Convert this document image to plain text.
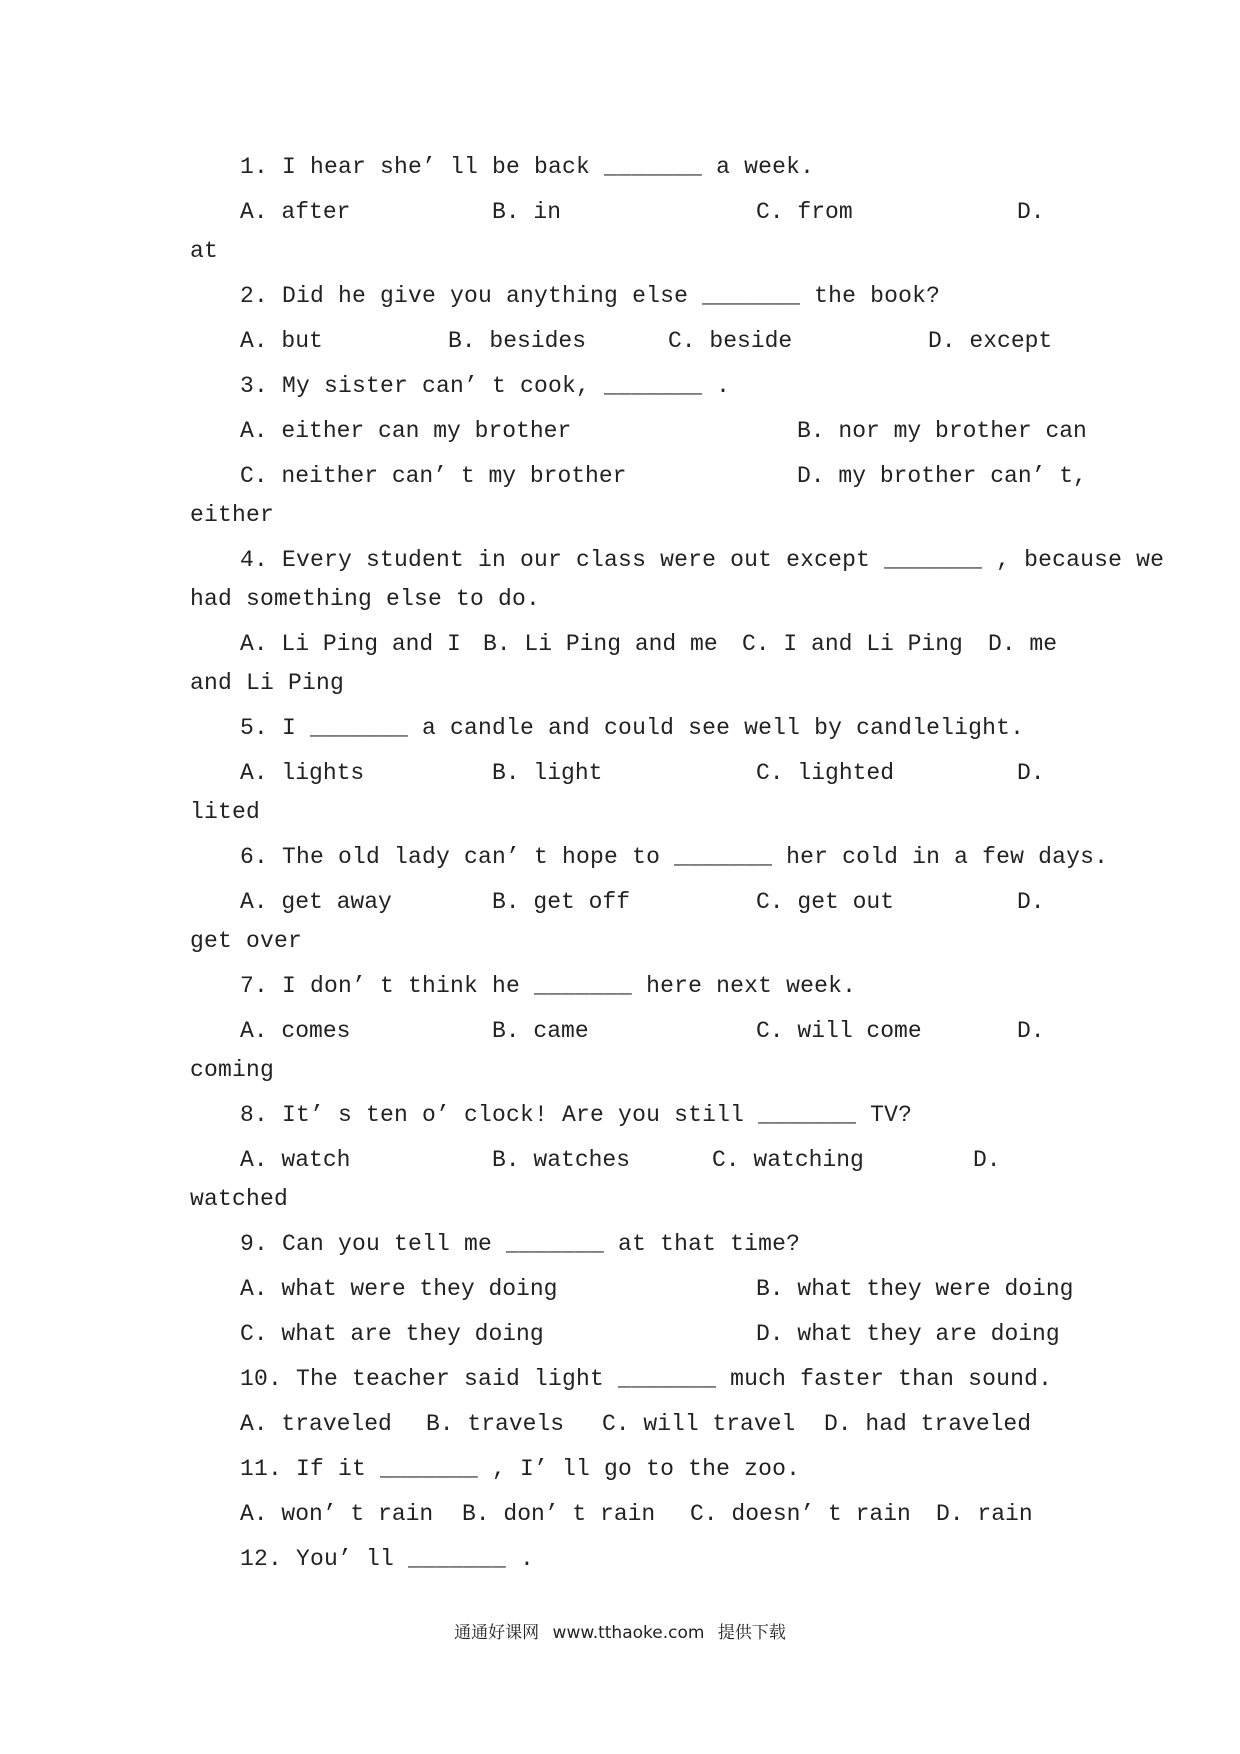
1. I hear she’ ll be back _______ a week.
A. after	B. in	C. from	D.
at
2. Did he give you anything else _______ the book?
A. but	B. besides	C. beside	D. except
3. My sister can’ t cook, _______ .
A. either can my brother	B. nor my brother can
C. neither can’ t my brother	D. my brother can’ t,
either
4. Every student in our class were out except _______ , because we
had something else to do.
A. Li Ping and I B. Li Ping and me C. I and Li Ping D. me
and Li Ping
5. I _______ a candle and could see well by candlelight.
A. lights	B. light	C. lighted	D.
lited
6. The old lady can’ t hope to _______ her cold in a few days.
A. get away	B. get off	C. get out	D.
get over
7. I don’ t think he _______ here next week.
A. comes	B. came	C. will come	D.
coming
8. It’ s ten o’ clock! Are you still _______ TV?
A. watch	B. watches	C. watching	D.
watched
9. Can you tell me _______ at that time?
A. what were they doing	B. what they were doing
C. what are they doing	D. what they are doing
10. The teacher said light _______ much faster than sound.
A. traveled B. travels C. will travel D. had traveled
11. If it _______ , I’ ll go to the zoo.
A. won’ t rain B. don’ t rain C. doesn’ t rain D. rain
12. You’ ll _______ .
通通好课网 www.tthaoke.com 提供下载
